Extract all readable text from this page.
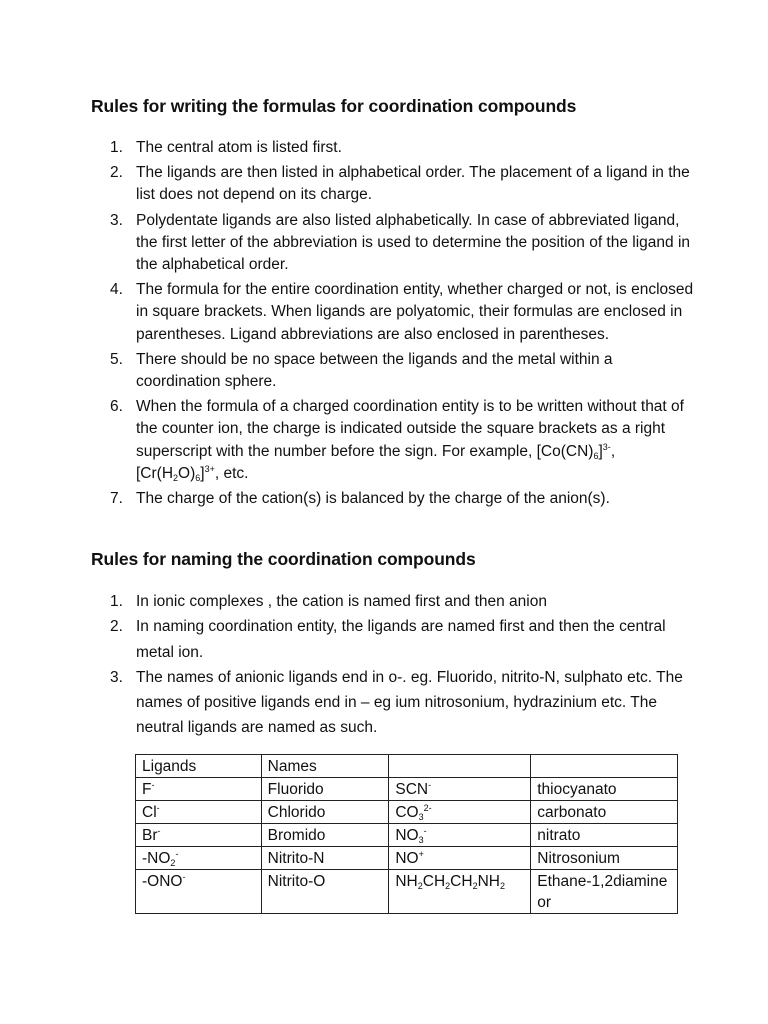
Rules for writing the formulas for coordination compounds
1. The central atom is listed first.
2. The ligands are then listed in alphabetical order. The placement of a ligand in the list does not depend on its charge.
3. Polydentate ligands are also listed alphabetically. In case of abbreviated ligand, the first letter of the abbreviation is used to determine the position of the ligand in the alphabetical order.
4. The formula for the entire coordination entity, whether charged or not, is enclosed in square brackets. When ligands are polyatomic, their formulas are enclosed in parentheses. Ligand abbreviations are also enclosed in parentheses.
5. There should be no space between the ligands and the metal within a coordination sphere.
6. When the formula of a charged coordination entity is to be written without that of the counter ion, the charge is indicated outside the square brackets as a right superscript with the number before the sign. For example, $[Co(CN)_6]^{3-}$, $[Cr(H_2O)_6]^{3+}$, etc.
7. The charge of the cation(s) is balanced by the charge of the anion(s).
Rules for naming the coordination compounds
1. In ionic complexes , the cation is named first and then anion
2. In naming coordination entity, the ligands are named first and then the central metal ion.
3. The names of anionic ligands end in o-. eg. Fluorido, nitrito-N, sulphato etc. The names of positive ligands end in – eg ium nitrosonium, hydrazinium etc. The neutral ligands are named as such.
Ligands	Names		
F-	Fluorido	SCN-	thiocyanato
Cl-	Chlorido	$CO_3^{2-}$	carbonato
Br-	Bromido	$NO_3^-$	nitrato
$-NO_2^-$	Nitrito-N	NO+	Nitrosonium
-ONO-	Nitrito-O	$NH_2CH_2CH_2NH_2$	Ethane-1,2diamine or
